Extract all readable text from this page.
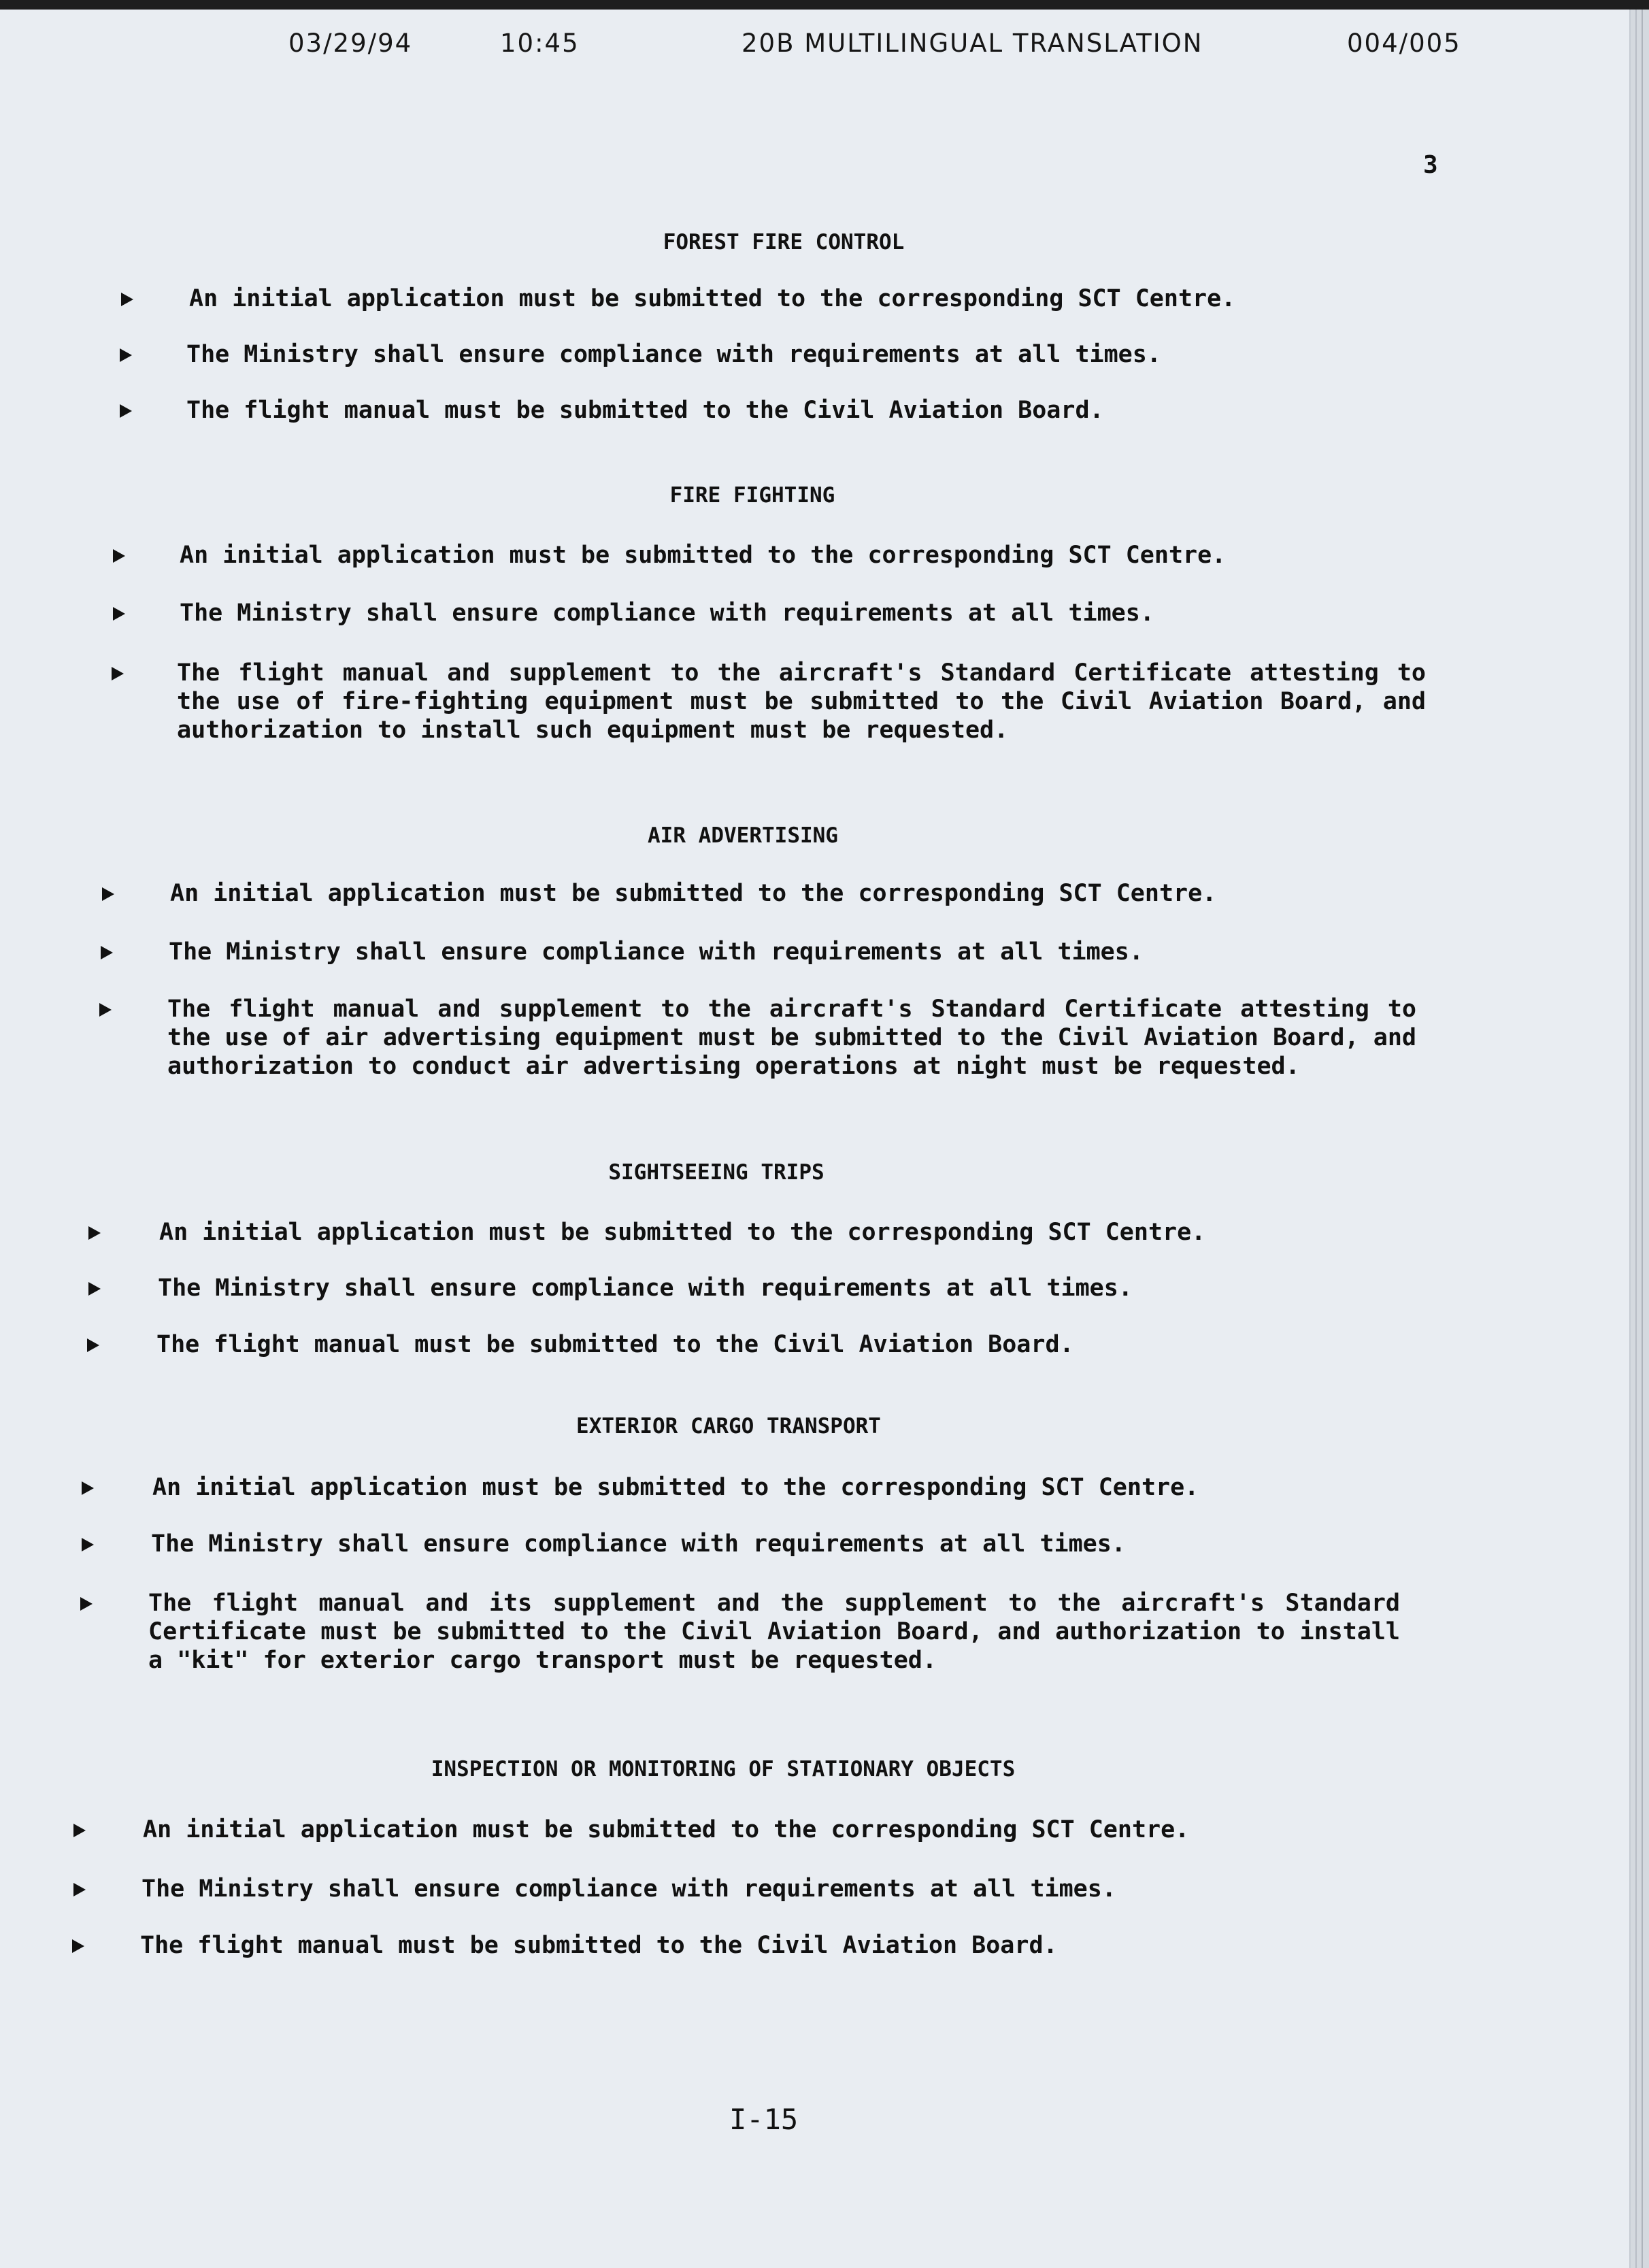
03/29/94	10:45	20B MULTILINGUAL TRANSLATION	004/005
3
FOREST FIRE CONTROL
An initial application must be submitted to the corresponding SCT Centre.
The Ministry shall ensure compliance with requirements at all times.
The flight manual must be submitted to the Civil Aviation Board.
FIRE FIGHTING
An initial application must be submitted to the corresponding SCT Centre.
The Ministry shall ensure compliance with requirements at all times.
The flight manual and supplement to the aircraft's Standard Certificate attesting to the use of fire-fighting equipment must be submitted to the Civil Aviation Board, and authorization to install such equipment must be requested.
AIR ADVERTISING
An initial application must be submitted to the corresponding SCT Centre.
The Ministry shall ensure compliance with requirements at all times.
The flight manual and supplement to the aircraft's Standard Certificate attesting to the use of air advertising equipment must be submitted to the Civil Aviation Board, and authorization to conduct air advertising operations at night must be requested.
SIGHTSEEING TRIPS
An initial application must be submitted to the corresponding SCT Centre.
The Ministry shall ensure compliance with requirements at all times.
The flight manual must be submitted to the Civil Aviation Board.
EXTERIOR CARGO TRANSPORT
An initial application must be submitted to the corresponding SCT Centre.
The Ministry shall ensure compliance with requirements at all times.
The flight manual and its supplement and the supplement to the aircraft's Standard Certificate must be submitted to the Civil Aviation Board, and authorization to install a "kit" for exterior cargo transport must be requested.
INSPECTION OR MONITORING OF STATIONARY OBJECTS
An initial application must be submitted to the corresponding SCT Centre.
The Ministry shall ensure compliance with requirements at all times.
The flight manual must be submitted to the Civil Aviation Board.
I-15
